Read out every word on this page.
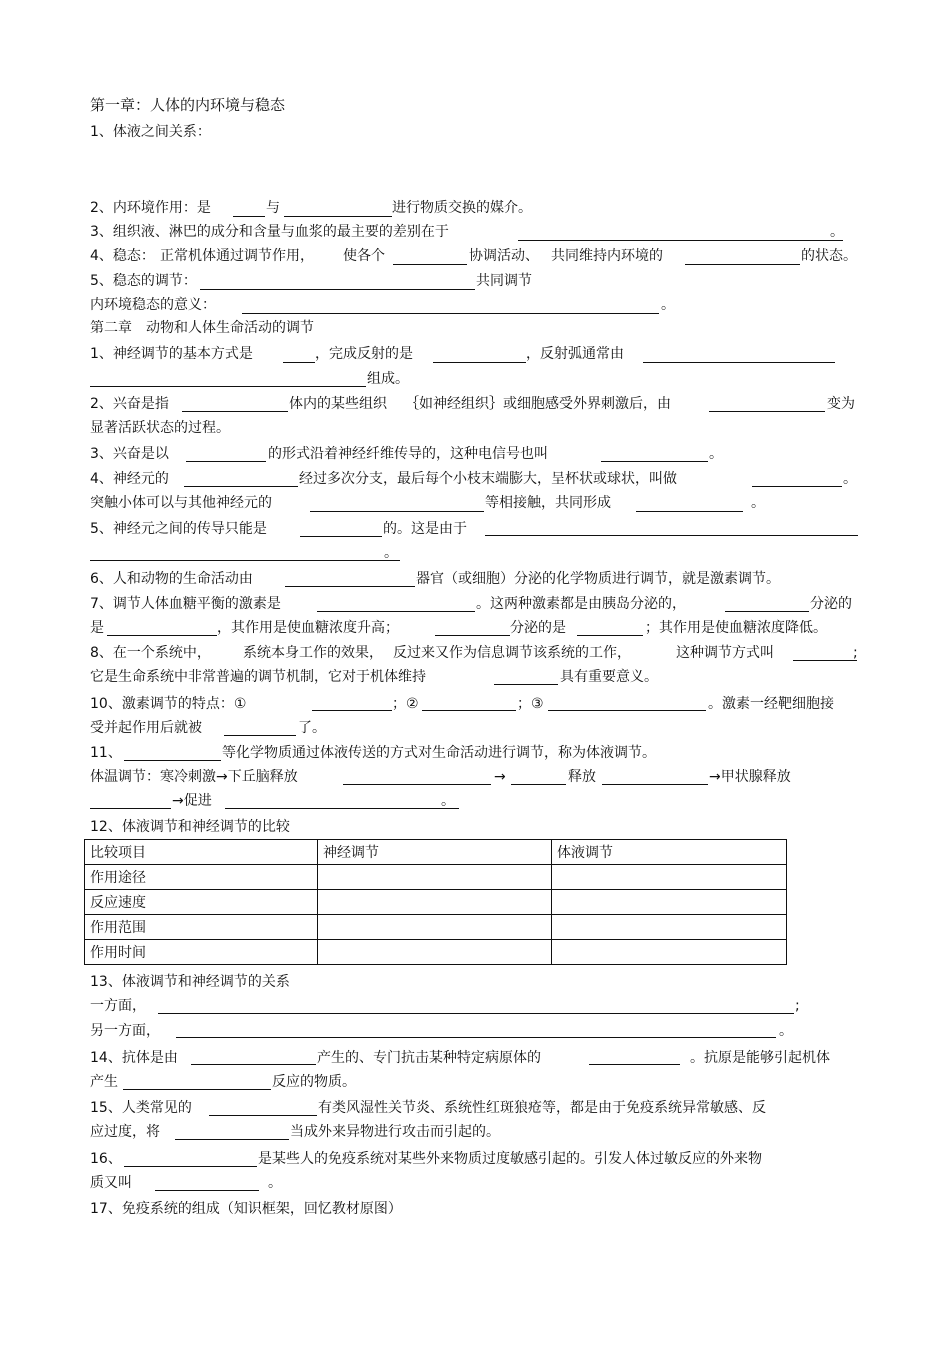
第一章：人体的内环境与稳态
1、体液之间关系：
2、内环境作用：是	与	进行物质交换的媒介。
3、组织液、淋巴的成分和含量与血浆的最主要的差别在于	。
4、稳态： 正常机体通过调节作用， 使各个	协调活动、 共同维持内环境的	的状态。
5、稳态的调节：	共同调节
内环境稳态的意义：	。
第二章　动物和人体生命活动的调节
1、神经调节的基本方式是	，完成反射的是	，反射弧通常由
组成。
2、兴奋是指	体内的某些组织 ｛如神经组织｝或细胞感受外界刺激后，由	变为
显著活跃状态的过程。
3、兴奋是以	的形式沿着神经纤维传导的，这种电信号也叫	。
4、神经元的	经过多次分支，最后每个小枝末端膨大，呈杯状或球状，叫做	。
突触小体可以与其他神经元的	等相接触，共同形成	。
5、神经元之间的传导只能是	的。这是由于
。
6、人和动物的生命活动由	器官（或细胞）分泌的化学物质进行调节，就是激素调节。
7、调节人体血糖平衡的激素是	。这两种激素都是由胰岛分泌的，	分泌的
是	，其作用是使血糖浓度升高；	分泌的是	；其作用是使血糖浓度降低。
8、在一个系统中， 系统本身工作的效果， 反过来又作为信息调节该系统的工作，	这种调节方式叫	;
它是生命系统中非常普遍的调节机制，它对于机体维持	具有重要意义。
10、激素调节的特点：①	；②	；③	。激素一经靶细胞接
受并起作用后就被	了。
11、	等化学物质通过体液传送的方式对生命活动进行调节，称为体液调节。
体温调节：寒冷刺激→下丘脑释放	→	释放	→甲状腺释放
→促进	。
12、体液调节和神经调节的比较
比较项目	神经调节	体液调节
作用途径		
反应速度		
作用范围		
作用时间		
13、体液调节和神经调节的关系
一方面，	;
另一方面，	。
14、抗体是由	产生的、专门抗击某种特定病原体的	。抗原是能够引起机体
产生	反应的物质。
15、人类常见的	有类风湿性关节炎、系统性红斑狼疮等，都是由于免疫系统异常敏感、反
应过度，将	当成外来异物进行攻击而引起的。
16、	是某些人的免疫系统对某些外来物质过度敏感引起的。引发人体过敏反应的外来物
质又叫	。
17、免疫系统的组成（知识框架，回忆教材原图）
